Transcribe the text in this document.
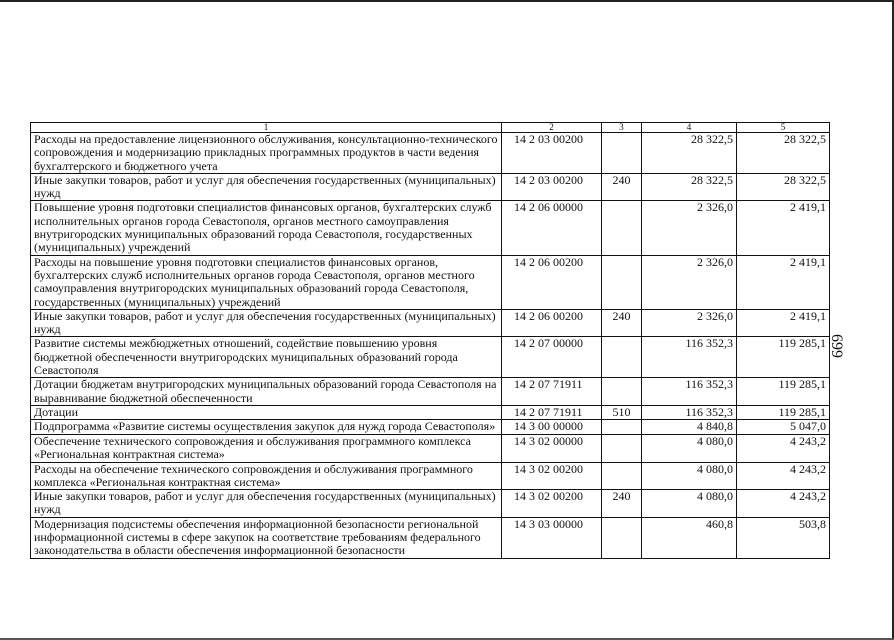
1	2	3	4	5
Расходы на предоставление лицензионного обслуживания, консультационно-технического сопровождения и модернизацию прикладных программных продуктов в части ведения бухгалтерского и бюджетного учета	14 2 03 00200		28 322,5	28 322,5
Иные закупки товаров, работ и услуг для обеспечения государственных (муниципальных) нужд	14 2 03 00200	240	28 322,5	28 322,5
Повышение уровня подготовки специалистов финансовых органов, бухгалтерских служб исполнительных органов города Севастополя, органов местного самоуправления внутригородских муниципальных образований города Севастополя, государственных (муниципальных) учреждений	14 2 06 00000		2 326,0	2 419,1
Расходы на повышение уровня подготовки специалистов финансовых органов, бухгалтерских служб исполнительных органов города Севастополя, органов местного самоуправления внутригородских муниципальных образований города Севастополя, государственных (муниципальных) учреждений	14 2 06 00200		2 326,0	2 419,1
Иные закупки товаров, работ и услуг для обеспечения государственных (муниципальных) нужд	14 2 06 00200	240	2 326,0	2 419,1
Развитие системы межбюджетных отношений, содействие повышению уровня бюджетной обеспеченности внутригородских муниципальных образований города Севастополя	14 2 07 00000		116 352,3	119 285,1
Дотации бюджетам внутригородских муниципальных образований города Севастополя на выравнивание бюджетной обеспеченности	14 2 07 71911		116 352,3	119 285,1
Дотации	14 2 07 71911	510	116 352,3	119 285,1
Подпрограмма «Развитие системы осуществления закупок для нужд города Севастополя»	14 3 00 00000		4 840,8	5 047,0
Обеспечение технического сопровождения и обслуживания программного комплекса «Региональная контрактная система»	14 3 02 00000		4 080,0	4 243,2
Расходы на обеспечение технического сопровождения и обслуживания программного комплекса «Региональная контрактная система»	14 3 02 00200		4 080,0	4 243,2
Иные закупки товаров, работ и услуг для обеспечения государственных (муниципальных) нужд	14 3 02 00200	240	4 080,0	4 243,2
Модернизация подсистемы обеспечения информационной безопасности региональной информационной системы в сфере закупок на соответствие требованиям федерального законодательства в области обеспечения информационной безопасности	14 3 03 00000		460,8	503,8
699
